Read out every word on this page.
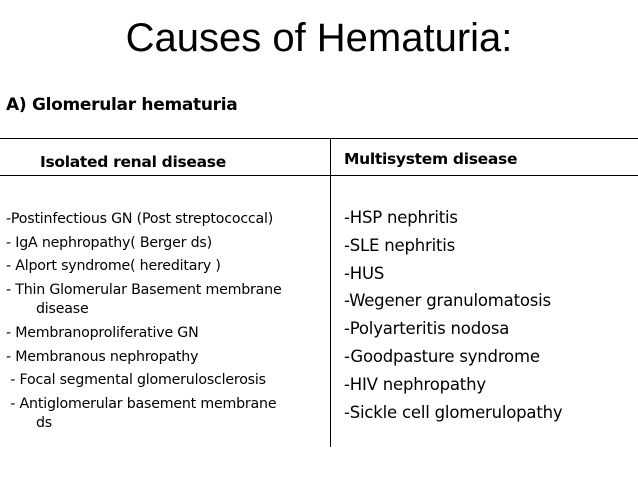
Causes of Hematuria:
A) Glomerular hematuria
Isolated renal disease	Multisystem disease
-Postinfectious GN (Post streptococcal)
- IgA nephropathy( Berger ds)
- Alport syndrome( hereditary )
- Thin Glomerular Basement membrane
disease
- Membranoproliferative GN
- Membranous nephropathy
- Focal segmental glomerulosclerosis
- Antiglomerular basement membrane
ds
-HSP nephritis
-SLE nephritis
-HUS
-Wegener granulomatosis
-Polyarteritis nodosa
-Goodpasture syndrome
-HIV nephropathy
-Sickle cell glomerulopathy
